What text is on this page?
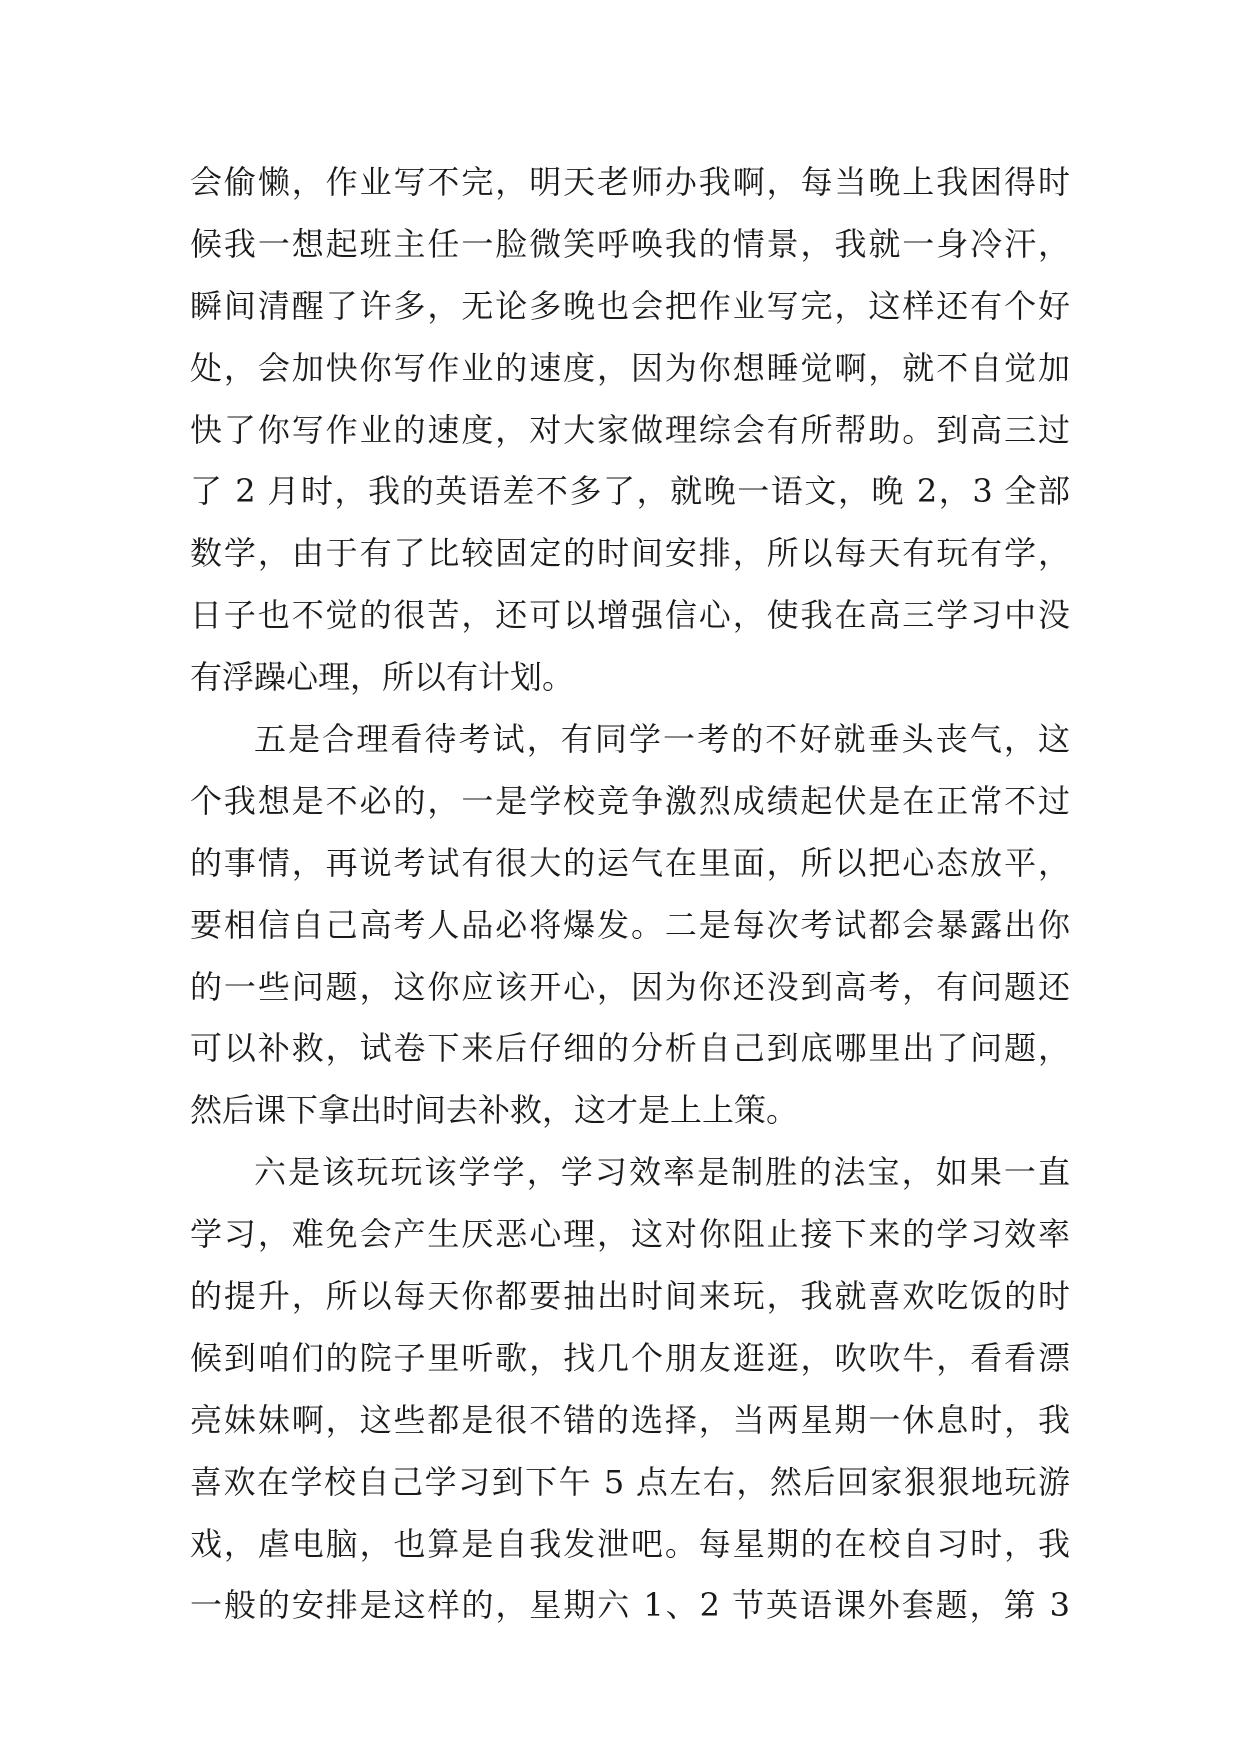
会偷懒，作业写不完，明天老师办我啊，每当晚上我困得时
候我一想起班主任一脸微笑呼唤我的情景，我就一身冷汗，
瞬间清醒了许多，无论多晚也会把作业写完，这样还有个好
处，会加快你写作业的速度，因为你想睡觉啊，就不自觉加
快了你写作业的速度，对大家做理综会有所帮助。到高三过
了 2 月时，我的英语差不多了，就晚一语文，晚 2，3 全部
数学，由于有了比较固定的时间安排，所以每天有玩有学，
日子也不觉的很苦，还可以增强信心，使我在高三学习中没
有浮躁心理，所以有计划。
五是合理看待考试，有同学一考的不好就垂头丧气，这
个我想是不必的，一是学校竞争激烈成绩起伏是在正常不过
的事情，再说考试有很大的运气在里面，所以把心态放平，
要相信自己高考人品必将爆发。二是每次考试都会暴露出你
的一些问题，这你应该开心，因为你还没到高考，有问题还
可以补救，试卷下来后仔细的分析自己到底哪里出了问题，
然后课下拿出时间去补救，这才是上上策。
六是该玩玩该学学，学习效率是制胜的法宝，如果一直
学习，难免会产生厌恶心理，这对你阻止接下来的学习效率
的提升，所以每天你都要抽出时间来玩，我就喜欢吃饭的时
候到咱们的院子里听歌，找几个朋友逛逛，吹吹牛，看看漂
亮妹妹啊，这些都是很不错的选择，当两星期一休息时，我
喜欢在学校自己学习到下午 5 点左右，然后回家狠狠地玩游
戏，虐电脑，也算是自我发泄吧。每星期的在校自习时，我
一般的安排是这样的，星期六 1、2 节英语课外套题，第 3
